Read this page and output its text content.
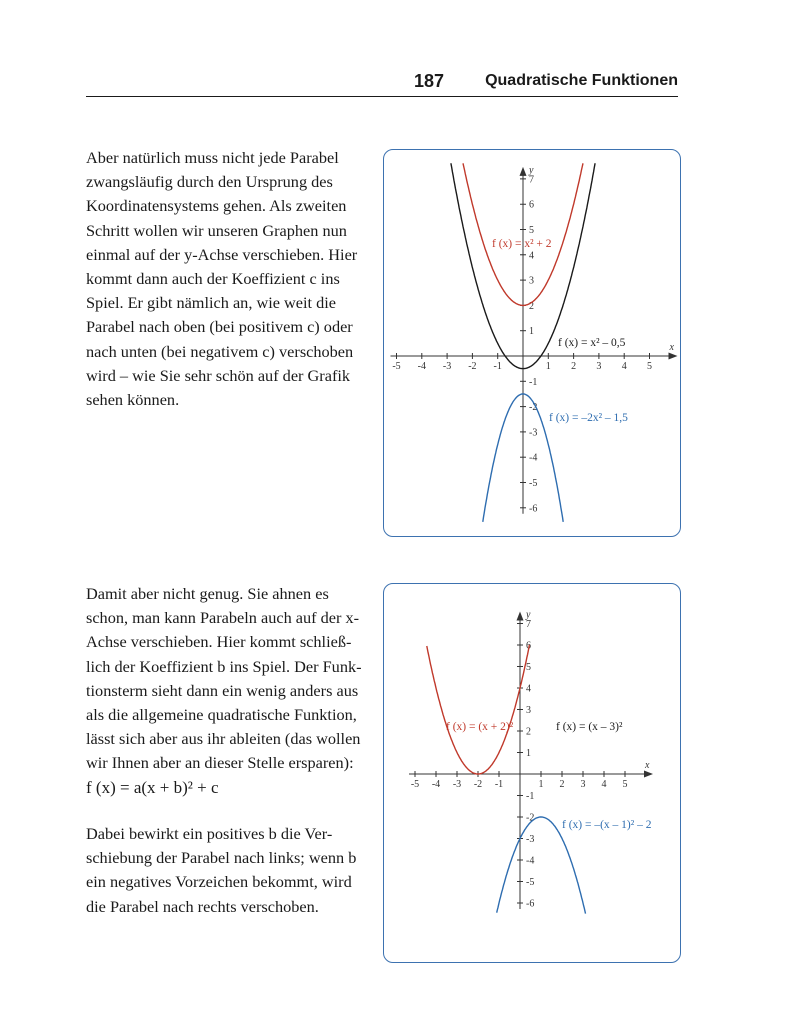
187	Quadratische Funktionen

Aber natürlich muss nicht jede Parabel
zwangsläufig durch den Ursprung des
Koordinatensystems gehen. Als zweiten
Schritt wollen wir unseren Graphen nun
einmal auf der y-Achse verschieben. Hier
kommt dann auch der Koeffizient c ins
Spiel. Er gibt nämlich an, wie weit die
Parabel nach oben (bei positivem c) oder
nach unten (bei negativem c) verschoben
wird – wie Sie sehr schön auf der Grafik
sehen können.
Damit aber nicht genug. Sie ahnen es
schon, man kann Parabeln auch auf der x-
Achse verschieben. Hier kommt schließ-
lich der Koeffizient b ins Spiel. Der Funk-
tionsterm sieht dann ein wenig anders aus
als die allgemeine quadratische Funktion,
lässt sich aber aus ihr ableiten (das wollen
wir Ihnen aber an dieser Stelle ersparen):
f (x) = a(x + b)² + c
Dabei bewirkt ein positives b die Ver-
schiebung der Parabel nach links; wenn b
ein negatives Vorzeichen bekommt, wird
die Parabel nach rechts verschoben.
x
y
-5 -4 -3 -2 -1	1 2 3 4 5
7
6
5
4
3
2
1
-1
-2
-3
-4
-5
-6
f (x) = x² + 2
f (x) = x² – 0,5
f (x) = –2x² – 1,5
x
y
-5 -4 -3 -2 -1	1 2 3 4 5
7
6
5
4
3
2
1
-1
-2
-3
-4
-5
-6
f (x) = (x + 2)²	f (x) = (x – 3)²
f (x) = –(x – 1)² – 2
